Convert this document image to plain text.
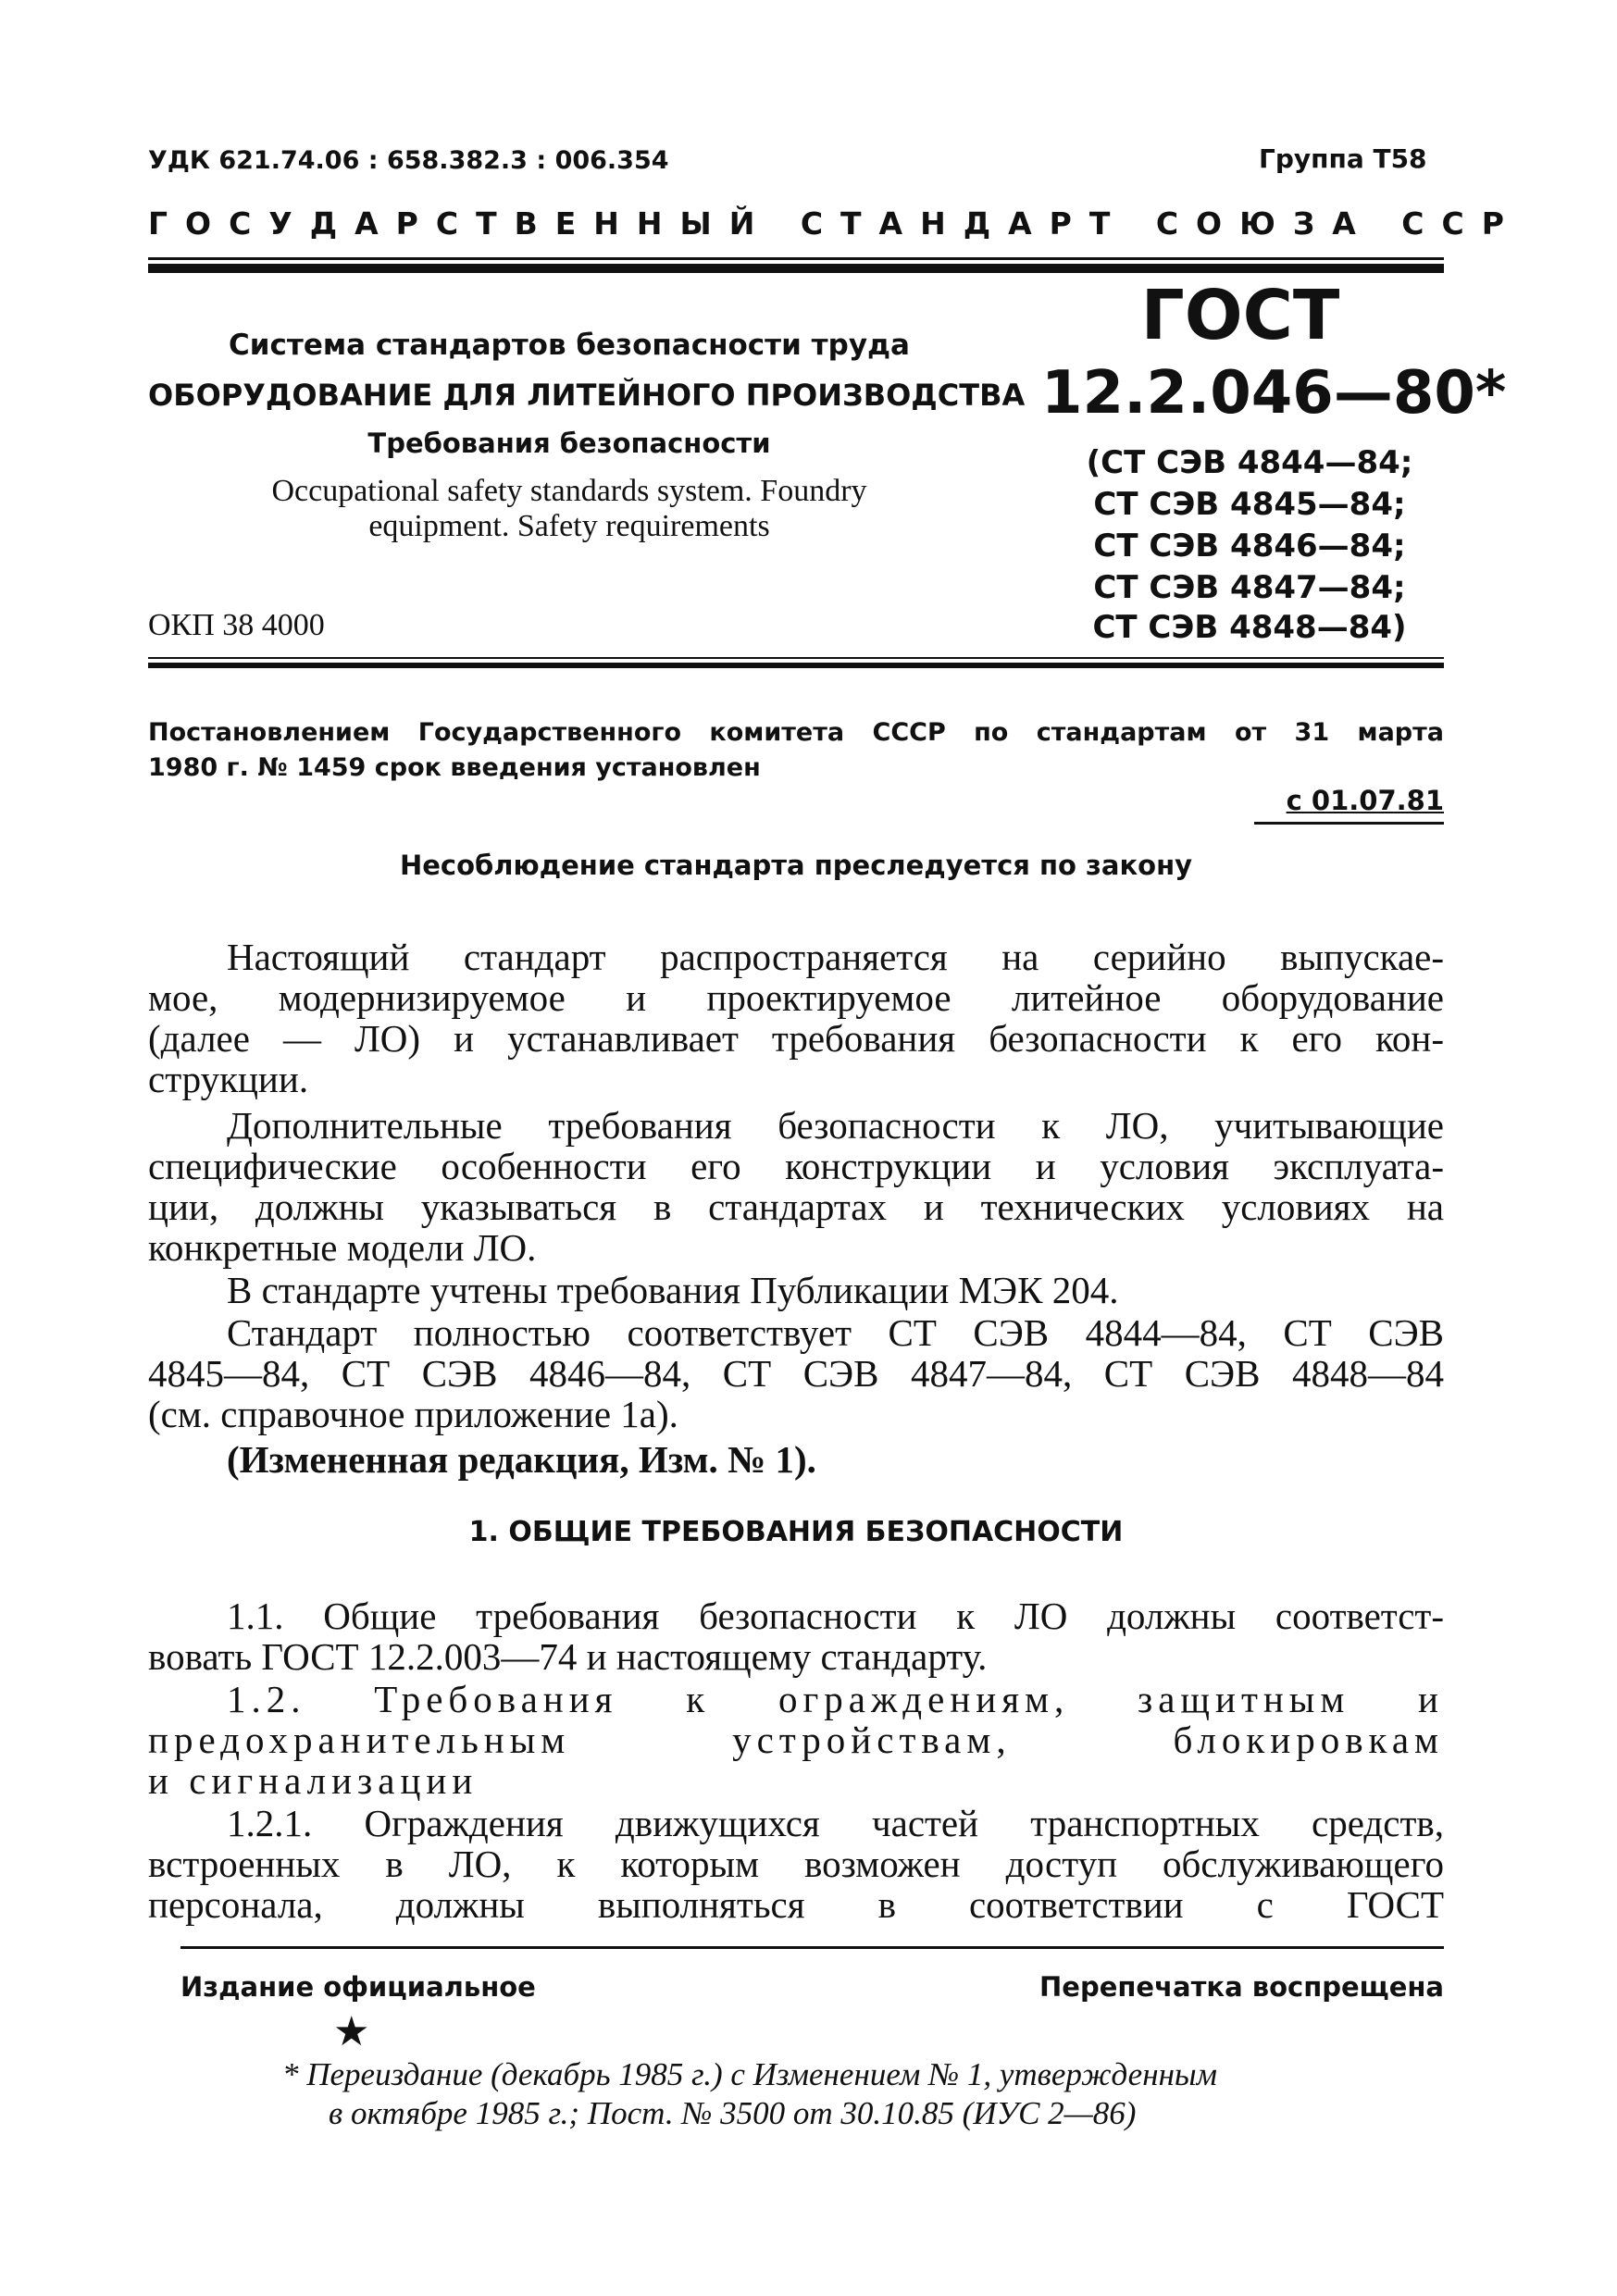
УДК 621.74.06 : 658.382.3 : 006.354	Группа Т58
ГОСУДАРСТВЕННЫЙ СТАНДАРТ СОЮЗА ССР
Система стандартов безопасности труда
ОБОРУДОВАНИЕ ДЛЯ ЛИТЕЙНОГО ПРОИЗВОДСТВА
Требования безопасности
Occupational safety standards system. Foundry
equipment. Safety requirements
ОКП 38 4000
ГОСТ
12.2.046—80*
(СТ СЭВ 4844—84;
СТ СЭВ 4845—84;
СТ СЭВ 4846—84;
СТ СЭВ 4847—84;
СТ СЭВ 4848—84)
Постановлением Государственного комитета СССР по стандартам от 31 марта
1980 г. № 1459 срок введения установлен
с 01.07.81
Несоблюдение стандарта преследуется по закону
Настоящий стандарт распространяется на серийно выпускае-
мое, модернизируемое и проектируемое литейное оборудование
(далее — ЛО) и устанавливает требования безопасности к его кон-
струкции.
Дополнительные требования безопасности к ЛО, учитывающие
специфические особенности его конструкции и условия эксплуата-
ции, должны указываться в стандартах и технических условиях на
конкретные модели ЛО.
В стандарте учтены требования Публикации МЭК 204.
Стандарт полностью соответствует СТ СЭВ 4844—84, СТ СЭВ
4845—84, СТ СЭВ 4846—84, СТ СЭВ 4847—84, СТ СЭВ 4848—84
(см. справочное приложение 1а).
(Измененная редакция, Изм. № 1).
1. ОБЩИЕ ТРЕБОВАНИЯ БЕЗОПАСНОСТИ
1.1. Общие требования безопасности к ЛО должны соответст-
вовать ГОСТ 12.2.003—74 и настоящему стандарту.
1.2. Требования к ограждениям, защитным и
предохранительным устройствам, блокировкам
и сигнализации
1.2.1. Ограждения движущихся частей транспортных средств,
встроенных в ЛО, к которым возможен доступ обслуживающего
персонала, должны выполняться в соответствии с ГОСТ
Издание официальное	Перепечатка воспрещена
★
* Переиздание (декабрь 1985 г.) с Изменением № 1, утвержденным
в октябре 1985 г.; Пост. № 3500 от 30.10.85 (ИУС 2—86)
